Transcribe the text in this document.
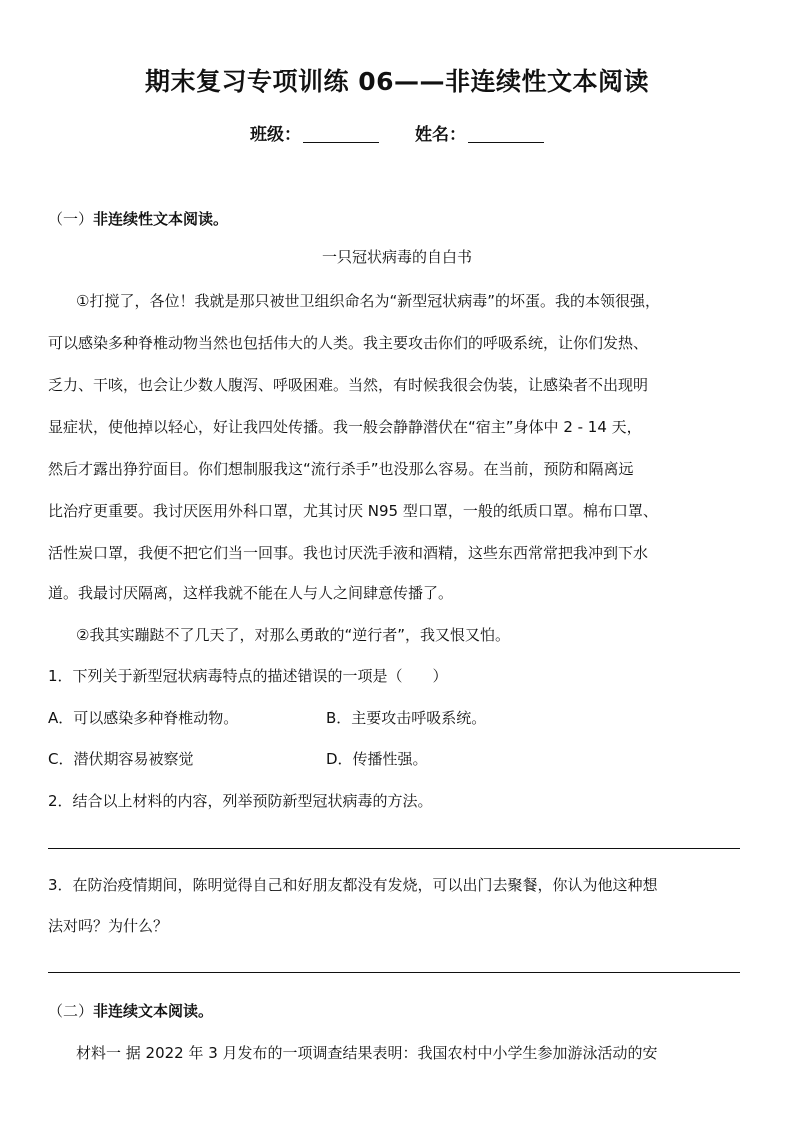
期末复习专项训练 06——非连续性文本阅读
班级：	姓名：
（一）非连续性文本阅读。
一只冠状病毒的自白书
①打搅了，各位！我就是那只被世卫组织命名为“新型冠状病毒”的坏蛋。我的本领很强，
可以感染多种脊椎动物当然也包括伟大的人类。我主要攻击你们的呼吸系统，让你们发热、
乏力、干咳，也会让少数人腹泻、呼吸困难。当然，有时候我很会伪装，让感染者不出现明
显症状，使他掉以轻心，好让我四处传播。我一般会静静潜伏在“宿主”身体中 2 - 14 天，
然后才露出狰狞面目。你们想制服我这“流行杀手”也没那么容易。在当前，预防和隔离远
比治疗更重要。我讨厌医用外科口罩，尤其讨厌 N95 型口罩，一般的纸质口罩。棉布口罩、
活性炭口罩，我便不把它们当一回事。我也讨厌洗手液和酒精，这些东西常常把我冲到下水
道。我最讨厌隔离，这样我就不能在人与人之间肆意传播了。
②我其实蹦跶不了几天了，对那么勇敢的“逆行者”，我又恨又怕。
1．下列关于新型冠状病毒特点的描述错误的一项是（　　）
A．可以感染多种脊椎动物。	B．主要攻击呼吸系统。
C．潜伏期容易被察觉	D．传播性强。
2．结合以上材料的内容，列举预防新型冠状病毒的方法。
3．在防治疫情期间，陈明觉得自己和好朋友都没有发烧，可以出门去聚餐，你认为他这种想
法对吗？为什么？
（二）非连续文本阅读。
材料一 据 2022 年 3 月发布的一项调查结果表明：我国农村中小学生参加游泳活动的安
